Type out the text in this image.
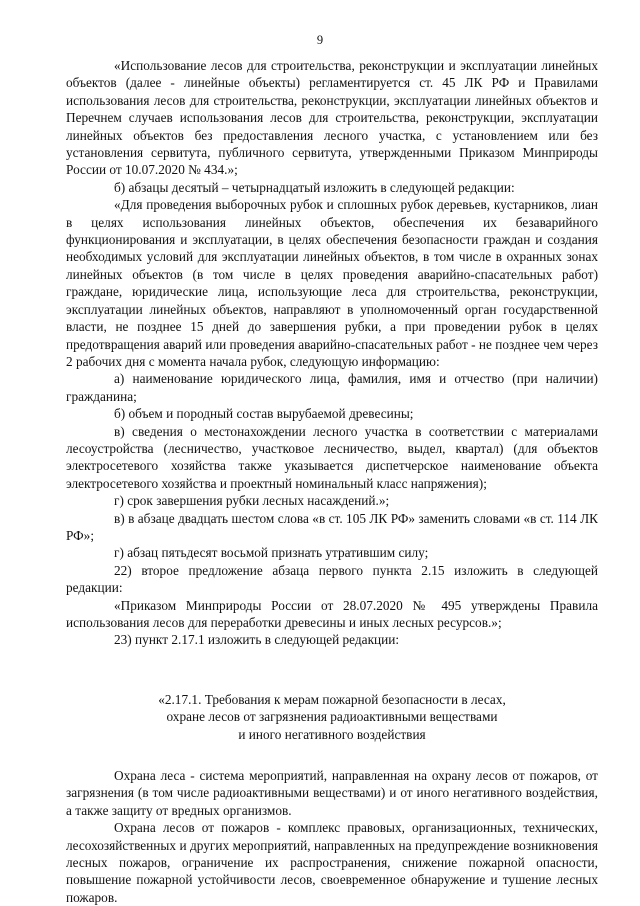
9

«Использование лесов для строительства, реконструкции и эксплуатации линейных объектов (далее - линейные объекты) регламентируется ст. 45 ЛК РФ и Правилами использования лесов для строительства, реконструкции, эксплуатации линейных объектов и Перечнем случаев использования лесов для строительства, реконструкции, эксплуатации линейных объектов без предоставления лесного участка, с установлением или без установления сервитута, публичного сервитута, утвержденными Приказом Минприроды России от 10.07.2020 № 434.»;

б) абзацы десятый – четырнадцатый изложить в следующей редакции:

«Для проведения выборочных рубок и сплошных рубок деревьев, кустарников, лиан в целях использования линейных объектов, обеспечения их безаварийного функционирования и эксплуатации, в целях обеспечения безопасности граждан и создания необходимых условий для эксплуатации линейных объектов, в том числе в охранных зонах линейных объектов (в том числе в целях проведения аварийно-спасательных работ) граждане, юридические лица, использующие леса для строительства, реконструкции, эксплуатации линейных объектов, направляют в уполномоченный орган государственной власти, не позднее 15 дней до завершения рубки, а при проведении рубок в целях предотвращения аварий или проведения аварийно-спасательных работ - не позднее чем через 2 рабочих дня с момента начала рубок, следующую информацию:

а) наименование юридического лица, фамилия, имя и отчество (при наличии) гражданина;

б) объем и породный состав вырубаемой древесины;

в) сведения о местонахождении лесного участка в соответствии с материалами лесоустройства (лесничество, участковое лесничество, выдел, квартал) (для объектов электросетевого хозяйства также указывается диспетчерское наименование объекта электросетевого хозяйства и проектный номинальный класс напряжения);

г) срок завершения рубки лесных насаждений.»;

в) в абзаце двадцать шестом слова «в ст. 105 ЛК РФ» заменить словами «в ст. 114 ЛК РФ»;

г) абзац пятьдесят восьмой признать утратившим силу;

22) второе предложение абзаца первого пункта 2.15 изложить в следующей редакции:

«Приказом Минприроды России от 28.07.2020 № 495 утверждены Правила использования лесов для переработки древесины и иных лесных ресурсов.»;

23) пункт 2.17.1 изложить в следующей редакции:

«2.17.1. Требования к мерам пожарной безопасности в лесах,
охране лесов от загрязнения радиоактивными веществами
и иного негативного воздействия

Охрана леса - система мероприятий, направленная на охрану лесов от пожаров, от загрязнения (в том числе радиоактивными веществами) и от иного негативного воздействия, а также защиту от вредных организмов.

Охрана лесов от пожаров - комплекс правовых, организационных, технических, лесохозяйственных и других мероприятий, направленных на предупреждение возникновения лесных пожаров, ограничение их распространения, снижение пожарной опасности, повышение пожарной устойчивости лесов, своевременное обнаружение и тушение лесных пожаров.
